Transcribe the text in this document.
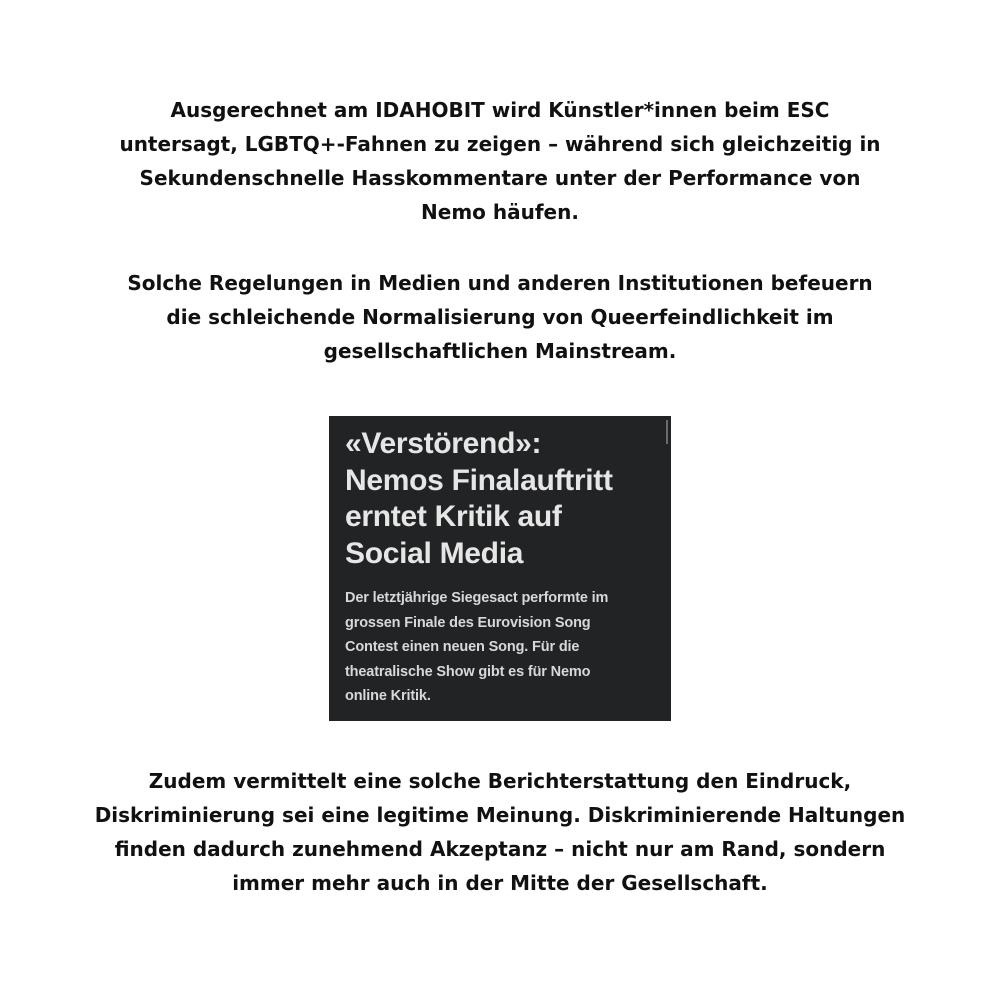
Ausgerechnet am IDAHOBIT wird Künstler*innen beim ESC
untersagt, LGBTQ+-Fahnen zu zeigen – während sich gleichzeitig in
Sekundenschnelle Hasskommentare unter der Performance von
Nemo häufen.

Solche Regelungen in Medien und anderen Institutionen befeuern
die schleichende Normalisierung von Queerfeindlichkeit im
gesellschaftlichen Mainstream.

«Verstörend»:
Nemos Finalauftritt
erntet Kritik auf
Social Media

Der letztjährige Siegesact performte im
grossen Finale des Eurovision Song
Contest einen neuen Song. Für die
theatralische Show gibt es für Nemo
online Kritik.

Zudem vermittelt eine solche Berichterstattung den Eindruck,
Diskriminierung sei eine legitime Meinung. Diskriminierende Haltungen
finden dadurch zunehmend Akzeptanz – nicht nur am Rand, sondern
immer mehr auch in der Mitte der Gesellschaft.
